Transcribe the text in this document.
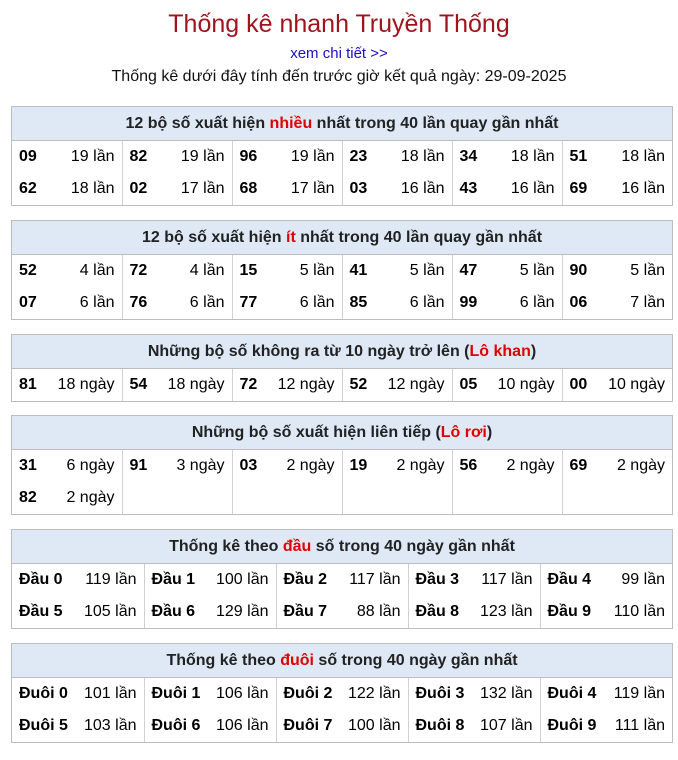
Thống kê nhanh Truyền Thống
xem chi tiết >>
Thống kê dưới đây tính đến trước giờ kết quả ngày: 29-09-2025
12 bộ số xuất hiện nhiều nhất trong 40 lần quay gần nhất
09 19 lần	82 19 lần	96 19 lần	23 18 lần	34 18 lần	51 18 lần

62 18 lần	02 17 lần	68 17 lần	03 16 lần	43 16 lần	69 16 lần
12 bộ số xuất hiện ít nhất trong 40 lần quay gần nhất
52 4 lần	72 4 lần	15 5 lần	41 5 lần	47 5 lần	90 5 lần

07 6 lần	76 6 lần	77 6 lần	85 6 lần	99 6 lần	06 7 lần
Những bộ số không ra từ 10 ngày trở lên (Lô khan)
81 18 ngày	54 18 ngày	72 12 ngày	52 12 ngày	05 10 ngày	00 10 ngày
Những bộ số xuất hiện liên tiếp (Lô rơi)
31 6 ngày	91 3 ngày	03 2 ngày	19 2 ngày	56 2 ngày	69 2 ngày

82 2 ngày					

Thống kê theo đầu số trong 40 ngày gần nhất
Đầu 0 119 lần	Đầu 1 100 lần	Đầu 2 117 lần	Đầu 3 117 lần	Đầu 4 99 lần

Đầu 5 105 lần	Đầu 6 129 lần	Đầu 7 88 lần	Đầu 8 123 lần	Đầu 9 110 lần
Thống kê theo đuôi số trong 40 ngày gần nhất
Đuôi 0 101 lần	Đuôi 1 106 lần	Đuôi 2 122 lần	Đuôi 3 132 lần	Đuôi 4 119 lần

Đuôi 5 103 lần	Đuôi 6 106 lần	Đuôi 7 100 lần	Đuôi 8 107 lần	Đuôi 9 111 lần
